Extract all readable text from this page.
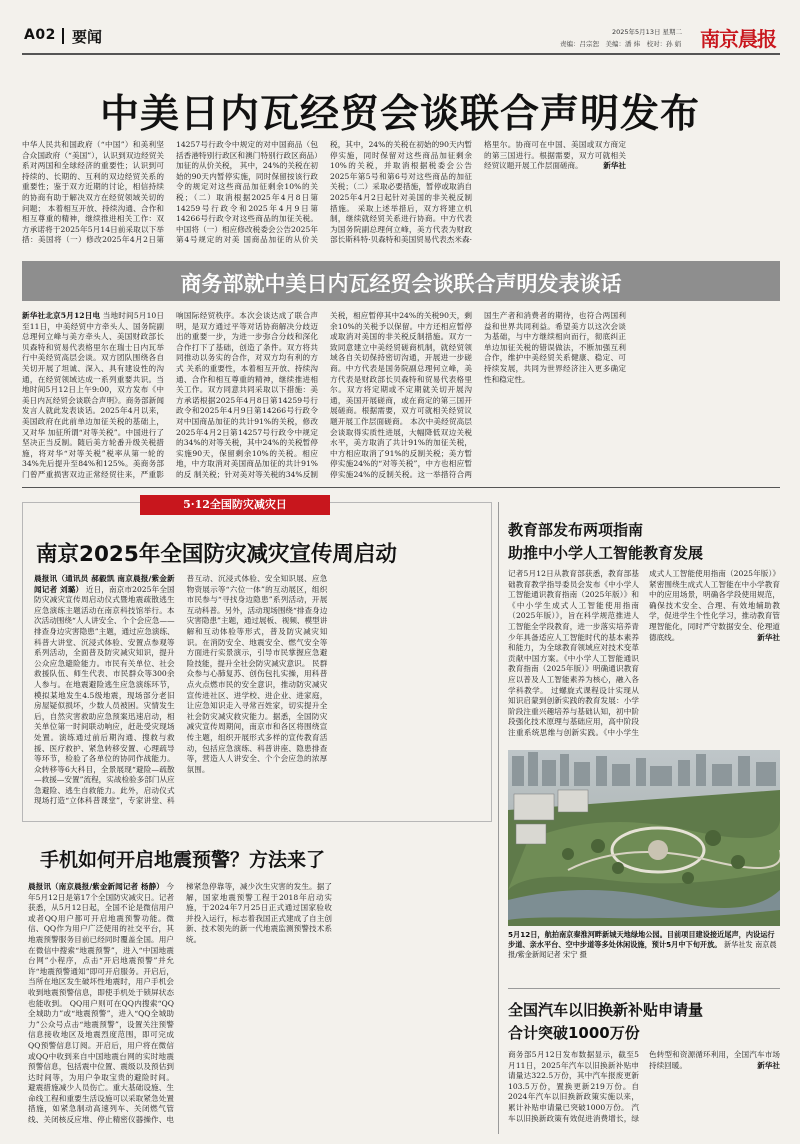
A02 要闻	2025年5月13日 星期二
责编：吕宗恕　美编：潘 炜　校对：孙 娟 南京晨报
中美日内瓦经贸会谈联合声明发布
中华人民共和国政府（“中国”）和美利坚合众国政府（“美国”），认识到双边经贸关系对两国和全球经济的重要性；认识到可持续的、长期的、互利的双边经贸关系的重要性；鉴于双方近期的讨论，相信持续的协商有助于解决双方在经贸领域关切的问题； 本着相互开放、持续沟通、合作和相互尊重的精神，继续推进相关工作：双方承诺将于2025年5月14日前采取以下举措：美国将（一）修改2025年4月2日第14257号行政令中规定的对中国商品（包括香港特别行政区和澳门特别行政区商品）加征的从价关税， 其中，24%的关税在初始的90天内暂停实施，同时保留按该行政令的规定对这些商品加征剩余10%的关税；（二）取消根据2025年4月8日第14259号行政令和2025年4月9日第14266号行政令对这些商品的加征关税。中国将（一）相应修改税委会公告2025年第4号规定的对美 国商品加征的从价关税，其中，24%的关税在初始的90天内暂停实施，同时保留对这些商品加征剩余10%的关税，并取消根据税委会公告2025年第5号和第6号对这些商品的加征关税；（二）采取必要措施，暂停或取消自2025年4月2日起针对美国的非关税反制措施。 采取上述举措后，双方将建立机制，继续就经贸关系进行协商。中方代表为国务院副总理何立峰，美方代表为财政部长斯科特·贝森特和美国贸易代表杰米森·格里尔。协商可在中国、美国或双方商定的第三国进行。根据需要，双方可就相关经贸议题开展工作层面磋商。	新华社
商务部就中美日内瓦经贸会谈联合声明发表谈话
新华社北京5月12日电 当地时间5月10日至11日，中美经贸中方牵头人、国务院副总理何立峰与美方牵头人、美国财政部长贝森特和贸易代表格里尔在瑞士日内瓦举行中美经贸高层会谈。双方团队围绕各自关切开展了坦诚、深入、具有建设性的沟通，在经贸领域达成一系列重要共识。当地时间5月12日上午9:00，双方发布《中美日内瓦经贸会谈联合声明》。商务部新闻发言人就此发表谈话。2025年4月以来，美国政府在此前单边加征关税的基础上，又对华 加征所谓“对等关税”。中国进行了坚决正当反制。随后美方轮番升级关税措施，将对华“对等关税”税率从第一轮的34%先后提升至84%和125%。美商务部门曾严重损害双边正常经贸往来，严重影响国际经贸秩序。本次会谈达成了联合声明，是双方通过平等对话协商解决分歧迈出的重要一步，为进一步弥合分歧和深化合作打下了基础，创造了条件。双方将共同推动以务实的合作，对双方均有利的方式 关系的重要性，本着相互开放、持续沟通、合作和相互尊重的精神，继续推进相关工作。双方同意共同采取以下措施：美方承诺根据2025年4月8日第14259号行政令和2025年4月9日第14266号行政令对中国商品加征的共计91%的关税，修改2025年4月2日第14257号行政令中规定的34%的对等关税，其中24%的关税暂停实施90天，保留剩余10%的关税。相应地，中方取消对美国商品加征的共计91%的反 制关税；针对美对等关税的34%反制关税，相应暂停其中24%的关税90天，剩余10%的关税予以保留。中方还相应暂停或取消对美国的非关税反制措施。双方一致同意建立中美经贸磋商机制，就经贸领域各自关切保持密切沟通，开展进一步磋商。中方代表是国务院副总理何立峰，美方代表是财政部长贝森特和贸易代表格里尔。双方将定期或不定期就关切开展沟通，美国开展磋商，或在商定的第三国开展磋商。根据需要，双方可就相关经贸议题开展工作层面磋商。 本次中美经贸高层会谈取得实质性进展，大幅降低双边关税水平，美方取消了共计91%的加征关税，中方相应取消了91%的反制关税；美方暂停实施24%的“对等关税”，中方也相应暂停实施24%的反制关税。这一举措符合两国生产者和消费者的期待，也符合两国利益和世界共同利益。希望美方以这次会谈为基础，与中方继续相向而行，彻底纠正单边加征关税的错误做法，不断加强互利合作，维护中美经贸关系健康、稳定、可持续发展，共同为世界经济注入更多确定性和稳定性。
5·12全国防灾减灾日
南京2025年全国防灾减灾宣传周启动
晨报讯（通讯员 郝毅凯 南京晨报/紫金新闻记者 刘璐） 近日，南京市2025年全国防灾减灾宣传周启动仪式暨地震疏散逃生应急演练主题活动在南京科技馆举行。本次活动围绕“人人讲安全、个个会应急——排查身边灾害隐患”主题，通过应急演练、科普大讲堂、沉浸式体验、安置点参观等系列活动，全面普及防灾减灾知识，提升公众应急避险能力。市民有关单位、社会救援队伍、师生代表、市民群众等300余人参与。在地震避险逃生应急演练环节，模拟某地发生4.5级地震，现场部分老旧房屋疑似损坏，少数人员被困。灾情发生后，自然灾害救助应急预案迅速启动，相关单位第一时间联动响应，赶赴受灾现场处置。演练通过前后期沟通、搜救与救援、医疗救护、紧急转移安置、心理疏导等环节，检验了各单位的协同作战能力。 众转移等6大科目，全景展现“避险—疏散—救援—安置”流程，实战检验多部门从应急避险、逃生自救能力。此外，启动仪式现场打造“立体科普课堂”，专家讲堂、科普互动、沉浸式体验、安全知识展、应急物资展示等“六位一体”的互动展区，组织市民参与“寻找身边隐患”系列活动，开展互动科普。另外，活动现场围绕“排查身边灾害隐患”主题，通过展板、视频、模型讲解和互动体验等形式，普及防灾减灾知识。在消防安全、地震安全、燃气安全等方面进行实景演示，引导市民掌握应急避险技能，提升全社会防灾减灾意识。 民群众参与心肺复苏、创伤包扎实操，用科普点火点燃市民的安全意识，推动防灾减灾宣传进社区、进学校、进企业、进家庭，让应急知识走入寻常百姓家，切实提升全社会防灾减灾救灾能力。据悉，全国防灾减灾宣传周期间，南京市和各区将围绕宣传主题，组织开展形式多样的宣传教育活动，包括应急演练、科普讲座、隐患排查等，营造人人讲安全、个个会应急的浓厚氛围。
手机如何开启地震预警？方法来了
晨报讯（南京晨报/紫金新闻记者 杨静） 今年5月12日是第17个全国防灾减灾日。记者获悉，从5月12日起，全国不论是微信用户或者QQ用户都可开启地震预警功能。微信、QQ作为用户广泛使用的社交平台，其地震预警服务目前已经同时覆盖全国。用户在微信中搜索“地震预警”，进入“中国地震台网”小程序，点击“开启地震预警”并允许“地震预警通知”即可开启服务。开启后，当所在地区发生破坏性地震时，用户手机会收到地震预警信息，即使手机处于锁屏状态也能收到。 QQ用户则可在QQ内搜索“QQ全城助力”或“地震预警”，进入“QQ全城助力”公众号点击“地震预警”，设置关注预警信息接收地区及地震烈度范围，即可完成QQ预警信息订阅。开启后，用户将在微信或QQ中收到来自中国地震台网的实时地震预警信息，包括震中位置、震级以及预估到达时间等，为用户争取宝贵的避险时间。 避震措施减少人员伤亡。重大基础设施、生命线工程和重要生活设施可以采取紧急处置措施，如紧急制动高速列车、关闭燃气管线、关闭核反应堆、停止精密仪器操作、电梯紧急停靠等，减少次生灾害的发生。据了解，国家地震预警工程于2018年启动实施，于2024年7月25日正式通过国家验收并投入运行，标志着我国正式建成了自主创新、技术领先的新一代地震监测预警技术系统。
教育部发布两项指南
助推中小学人工智能教育发展
记者5月12日从教育部获悉，教育部基础教育教学指导委员会发布《中小学人工智能通识教育指南（2025年版）》和《中小学生成式人工智能使用指南（2025年版）》，旨在科学规范推进人工智能全学段教育，进一步落实培养青少年具备适应人工智能时代的基本素养和能力，为全球教育领域应对技术变革贡献中国方案。《中小学人工智能通识教育指南（2025年版）》明确通识教育应以普及人工智能素养为核心，融入各学科教学。 过螺旋式课程设计实现从知识启蒙到创新实践的教育发展：小学阶段注重兴趣培养与基础认知，初中阶段强化技术原理与基础应用，高中阶段注重系统思维与创新实践。《中小学生成式人工智能使用指南（2025年版）》紧密围绕生成式人工智能在中小学教育中的应用场景，明确各学段使用规范，确保技术安全、合理、有效地辅助教学，促进学生个性化学习，推动教育管理智能化，同时严守数据安全、伦理道德底线。	新华社
5月12日，航拍南京秦淮河畔新城天地绿地公园。目前项目建设接近尾声，内设运行步道、亲水平台、空中步道等多处休闲设施，预计5月中下旬开放。 新华社发 南京晨报/紫金新闻记者 宋宁 摄
全国汽车以旧换新补贴申请量
合计突破1000万份
商务部5月12日发布数据显示，截至5月11日，2025年汽车以旧换新补贴申请量达322.5万份，其中汽车报废更新103.5万份，置换更新219万份。自2024年汽车以旧换新政策实施以来，累计补贴申请量已突破1000万份。 汽车以旧换新政策有效促进消费增长，绿色转型和资源循环利用，全国汽车市场持续回暖。	新华社
